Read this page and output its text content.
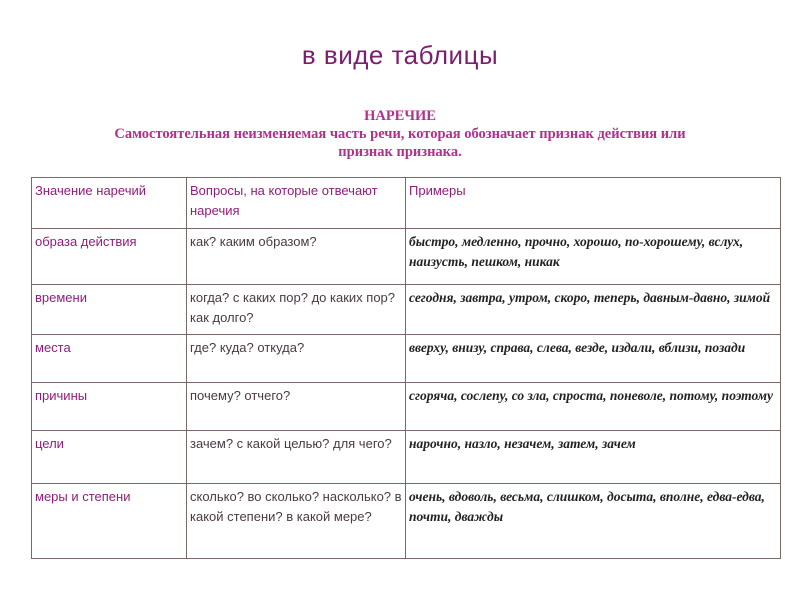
в виде таблицы
НАРЕЧИЕ
Самостоятельная неизменяемая часть речи, которая обозначает признак действия или
признак признака.
Значение наречий	Вопросы, на которые отвечают наречия	Примеры
образа действия	как? каким образом?	быстро, медленно, прочно, хорошо, по-хорошему, вслух, наизусть, пешком, никак
времени	когда? с каких пор? до каких пор? как долго?	сегодня, завтра, утром, скоро, теперь, давным-давно, зимой
места	где? куда? откуда?	вверху, внизу, справа, слева, везде, издали, вблизи, позади
причины	почему? отчего?	сгоряча, сослепу, со зла, спроста, поневоле, потому, поэтому
цели	зачем? с какой целью? для чего?	нарочно, назло, незачем, затем, зачем
меры и степени	сколько? во сколько? насколько? в какой степени? в какой мере?	очень, вдоволь, весьма, слишком, досыта, вполне, едва-едва, почти, дважды
